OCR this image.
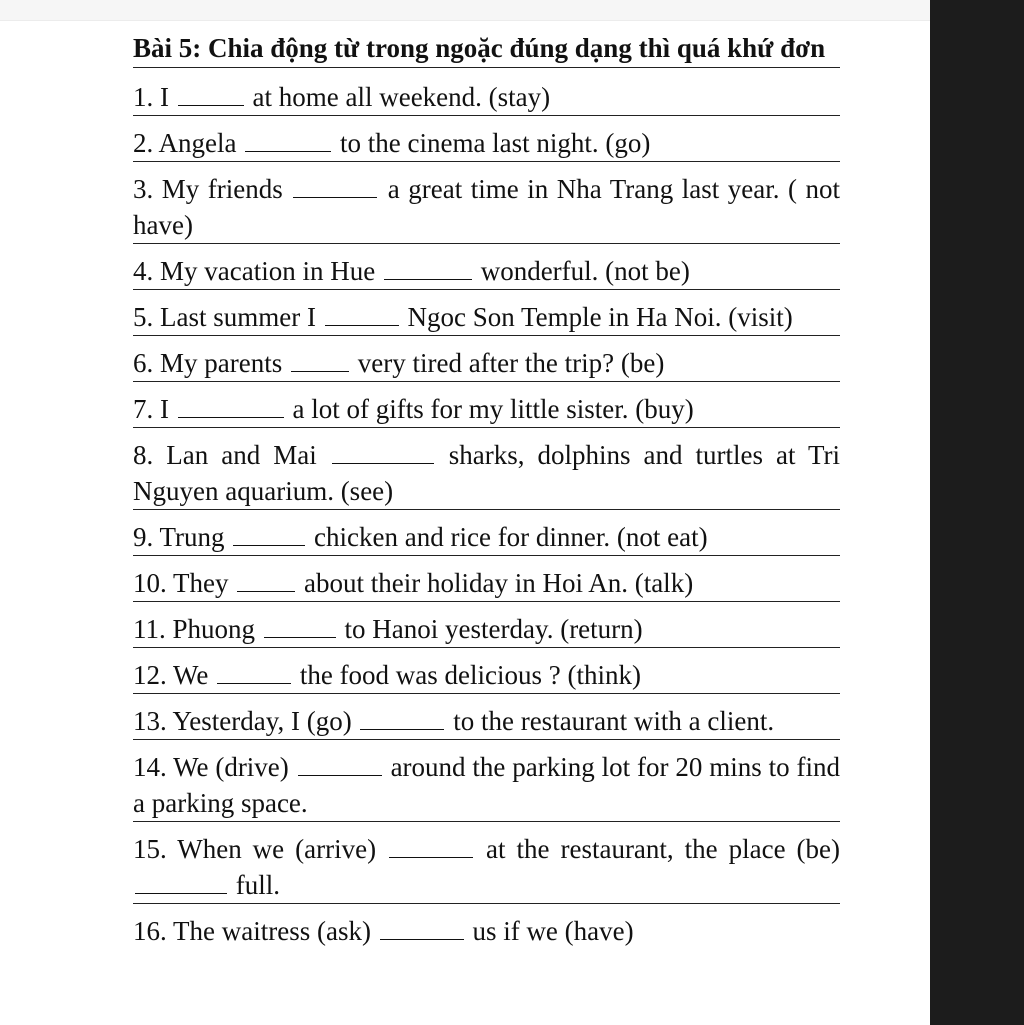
Bài 5: Chia động từ trong ngoặc đúng dạng thì quá khứ đơn
1. I	at home all weekend. (stay)
2. Angela	to the cinema last night. (go)
3. My friends	a great time in Nha Trang last year. ( not have)
4. My vacation in Hue	wonderful. (not be)
5. Last summer I	Ngoc Son Temple in Ha Noi. (visit)
6. My parents	very tired after the trip? (be)
7. I	a lot of gifts for my little sister. (buy)
8. Lan and Mai	sharks, dolphins and turtles at Tri Nguyen aquarium. (see)
9. Trung	chicken and rice for dinner. (not eat)
10. They	about their holiday in Hoi An. (talk)
11. Phuong	to Hanoi yesterday. (return)
12. We	the food was delicious ? (think)
13. Yesterday, I (go)	to the restaurant with a client.
14. We (drive)	around the parking lot for 20 mins to find a parking space.
15. When we (arrive)	at the restaurant, the place (be)  full.
16. The waitress (ask)	us if we (have)
